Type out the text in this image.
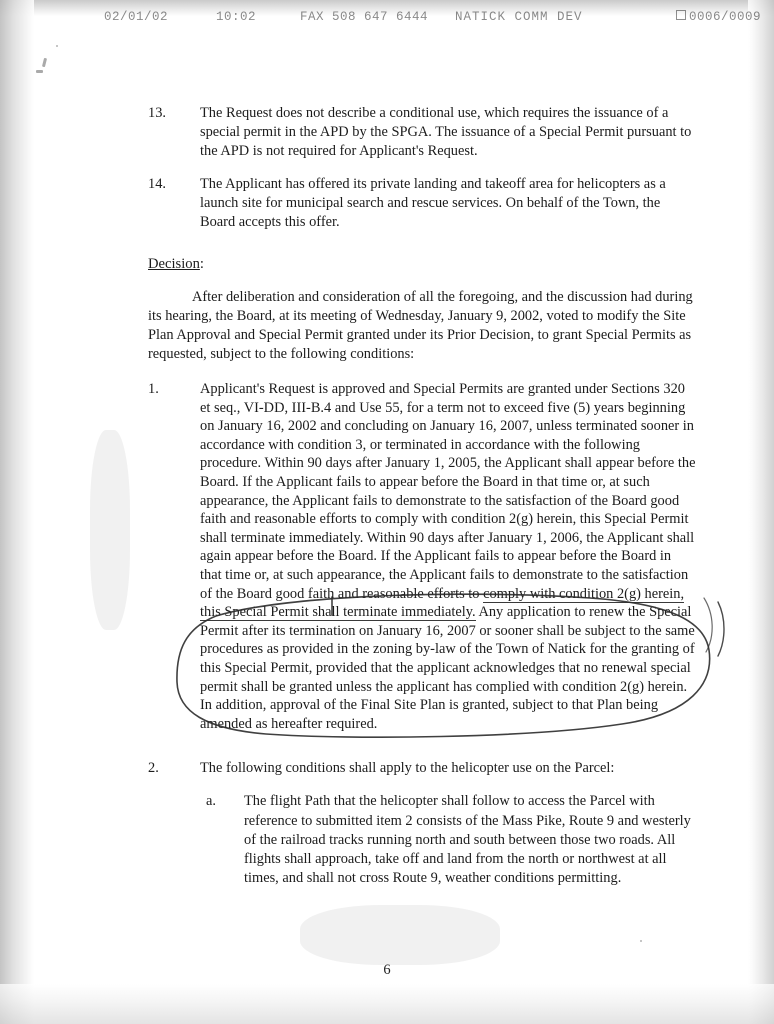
02/01/02	10:02	FAX 508 647 6444 NATICK COMM DEV	0006/0009
13.	The Request does not describe a conditional use, which requires the issuance of a special permit in the APD by the SPGA. The issuance of a Special Permit pursuant to the APD is not required for Applicant's Request.
14.	The Applicant has offered its private landing and takeoff area for helicopters as a launch site for municipal search and rescue services. On behalf of the Town, the Board accepts this offer.
Decision:
After deliberation and consideration of all the foregoing, and the discussion had during its hearing, the Board, at its meeting of Wednesday, January 9, 2002, voted to modify the Site Plan Approval and Special Permit granted under its Prior Decision, to grant Special Permits as requested, subject to the following conditions:
1.	Applicant's Request is approved and Special Permits are granted under Sections 320 et seq., VI-DD, III-B.4 and Use 55, for a term not to exceed five (5) years beginning on January 16, 2002 and concluding on January 16, 2007, unless terminated sooner in accordance with condition 3, or terminated in accordance with the following procedure. Within 90 days after January 1, 2005, the Applicant shall appear before the Board. If the Applicant fails to appear before the Board in that time or, at such appearance, the Applicant fails to demonstrate to the satisfaction of the Board good faith and reasonable efforts to comply with condition 2(g) herein, this Special Permit shall terminate immediately. Within 90 days after January 1, 2006, the Applicant shall again appear before the Board. If the Applicant fails to appear before the Board in that time or, at such appearance, the Applicant fails to demonstrate to the satisfaction of the Board good faith and reasonable efforts to comply with condition 2(g) herein, this Special Permit shall terminate immediately. Any application to renew the Special Permit after its termination on January 16, 2007 or sooner shall be subject to the same procedures as provided in the zoning by-law of the Town of Natick for the granting of this Special Permit, provided that the applicant acknowledges that no renewal special permit shall be granted unless the applicant has complied with condition 2(g) herein. In addition, approval of the Final Site Plan is granted, subject to that Plan being amended as hereafter required.
2.	The following conditions shall apply to the helicopter use on the Parcel:
a.	The flight Path that the helicopter shall follow to access the Parcel with reference to submitted item 2 consists of the Mass Pike, Route 9 and westerly of the railroad tracks running north and south between those two roads. All flights shall approach, take off and land from the north or northwest at all times, and shall not cross Route 9, weather conditions permitting.
6
